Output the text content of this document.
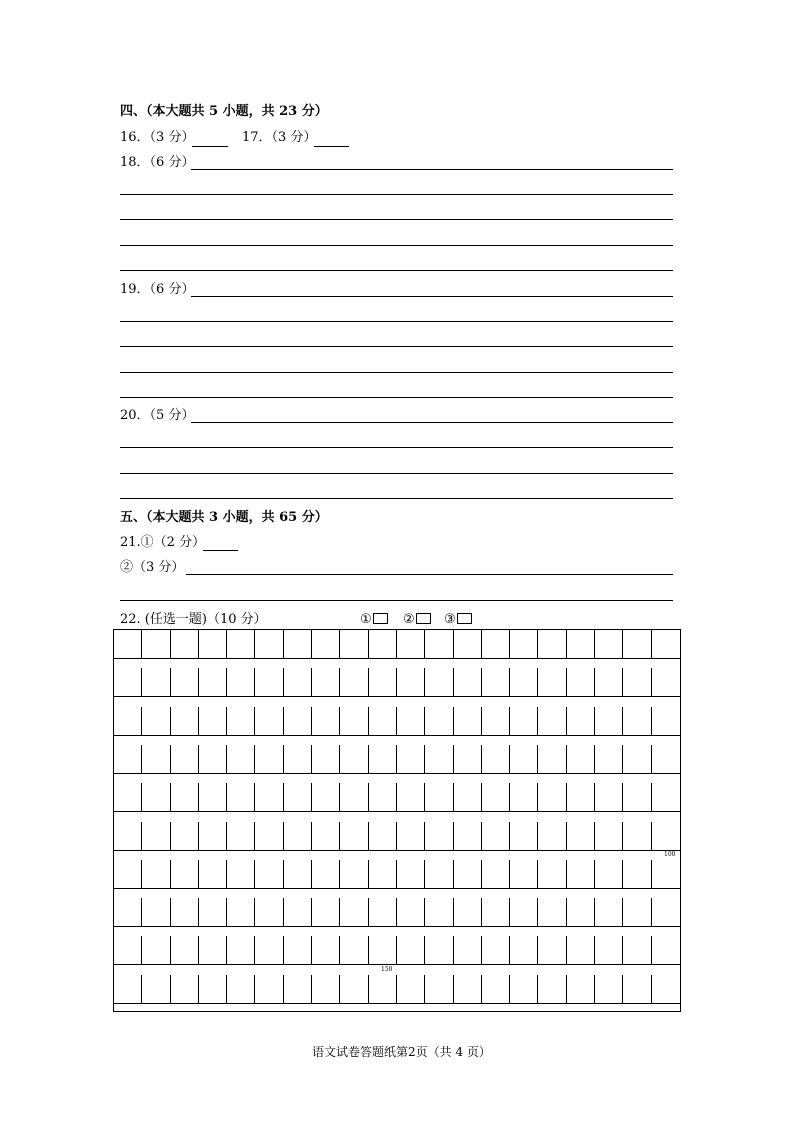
四、（本大题共 5 小题，共 23 分）
16．（3 分）	17．（3 分）
18．（6 分）
19．（6 分）
20．（5 分）
五、（本大题共 3 小题，共 65 分）
21.①（2 分）
②（3 分）
22. (任选一题)（10 分）	①	②	③
100
150
语文试卷答题纸第2页（共 4 页）
